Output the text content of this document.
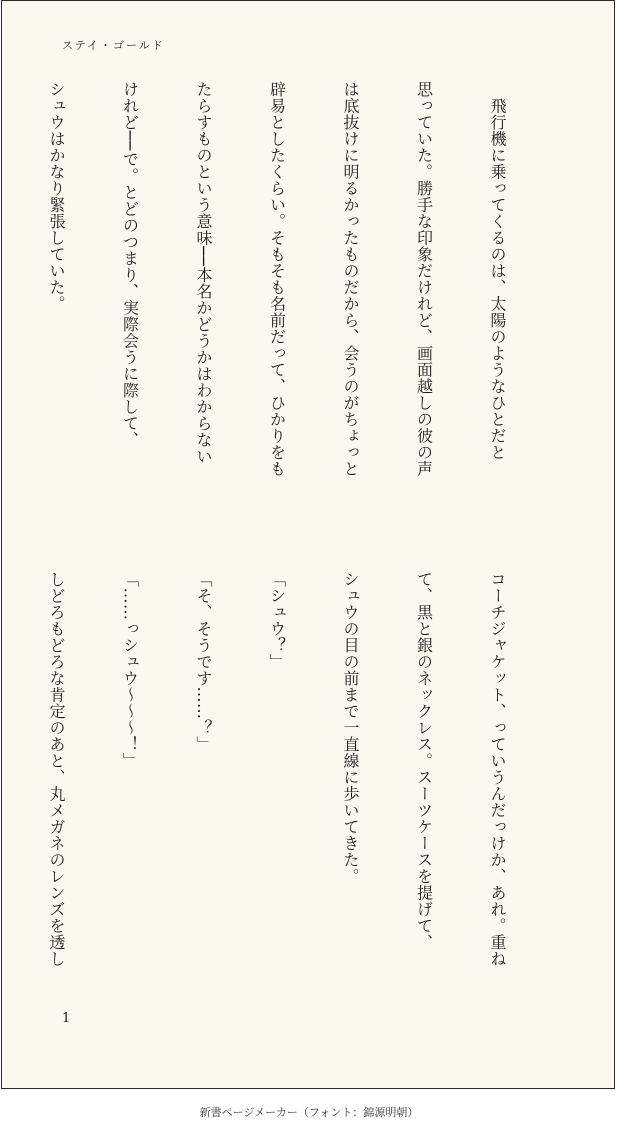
ステイ・ゴールド

　飛行機に乗ってくるのは、太陽のようなひとだと

思っていた。勝手な印象だけれど、画面越しの彼の声

は底抜けに明るかったものだから、会うのがちょっと

辟易としたくらい。そもそも名前だって、ひかりをも

たらすものという意味──本名かどうかはわからない

けれど──で。とどのつまり、実際会うに際して、

シュウはかなり緊張していた。

コーチジャケット、っていうんだっけか、あれ。重ね

て、黒と銀のネックレス。スーツケースを提げて、

シュウの目の前まで一直線に歩いてきた。

「シュウ？」

「そ、そうです……？」

「……っシュウ〜〜〜！」

しどろもどろな肯定のあと、丸メガネのレンズを透し

1
新書ページメーカー（フォント：錦源明朝）
